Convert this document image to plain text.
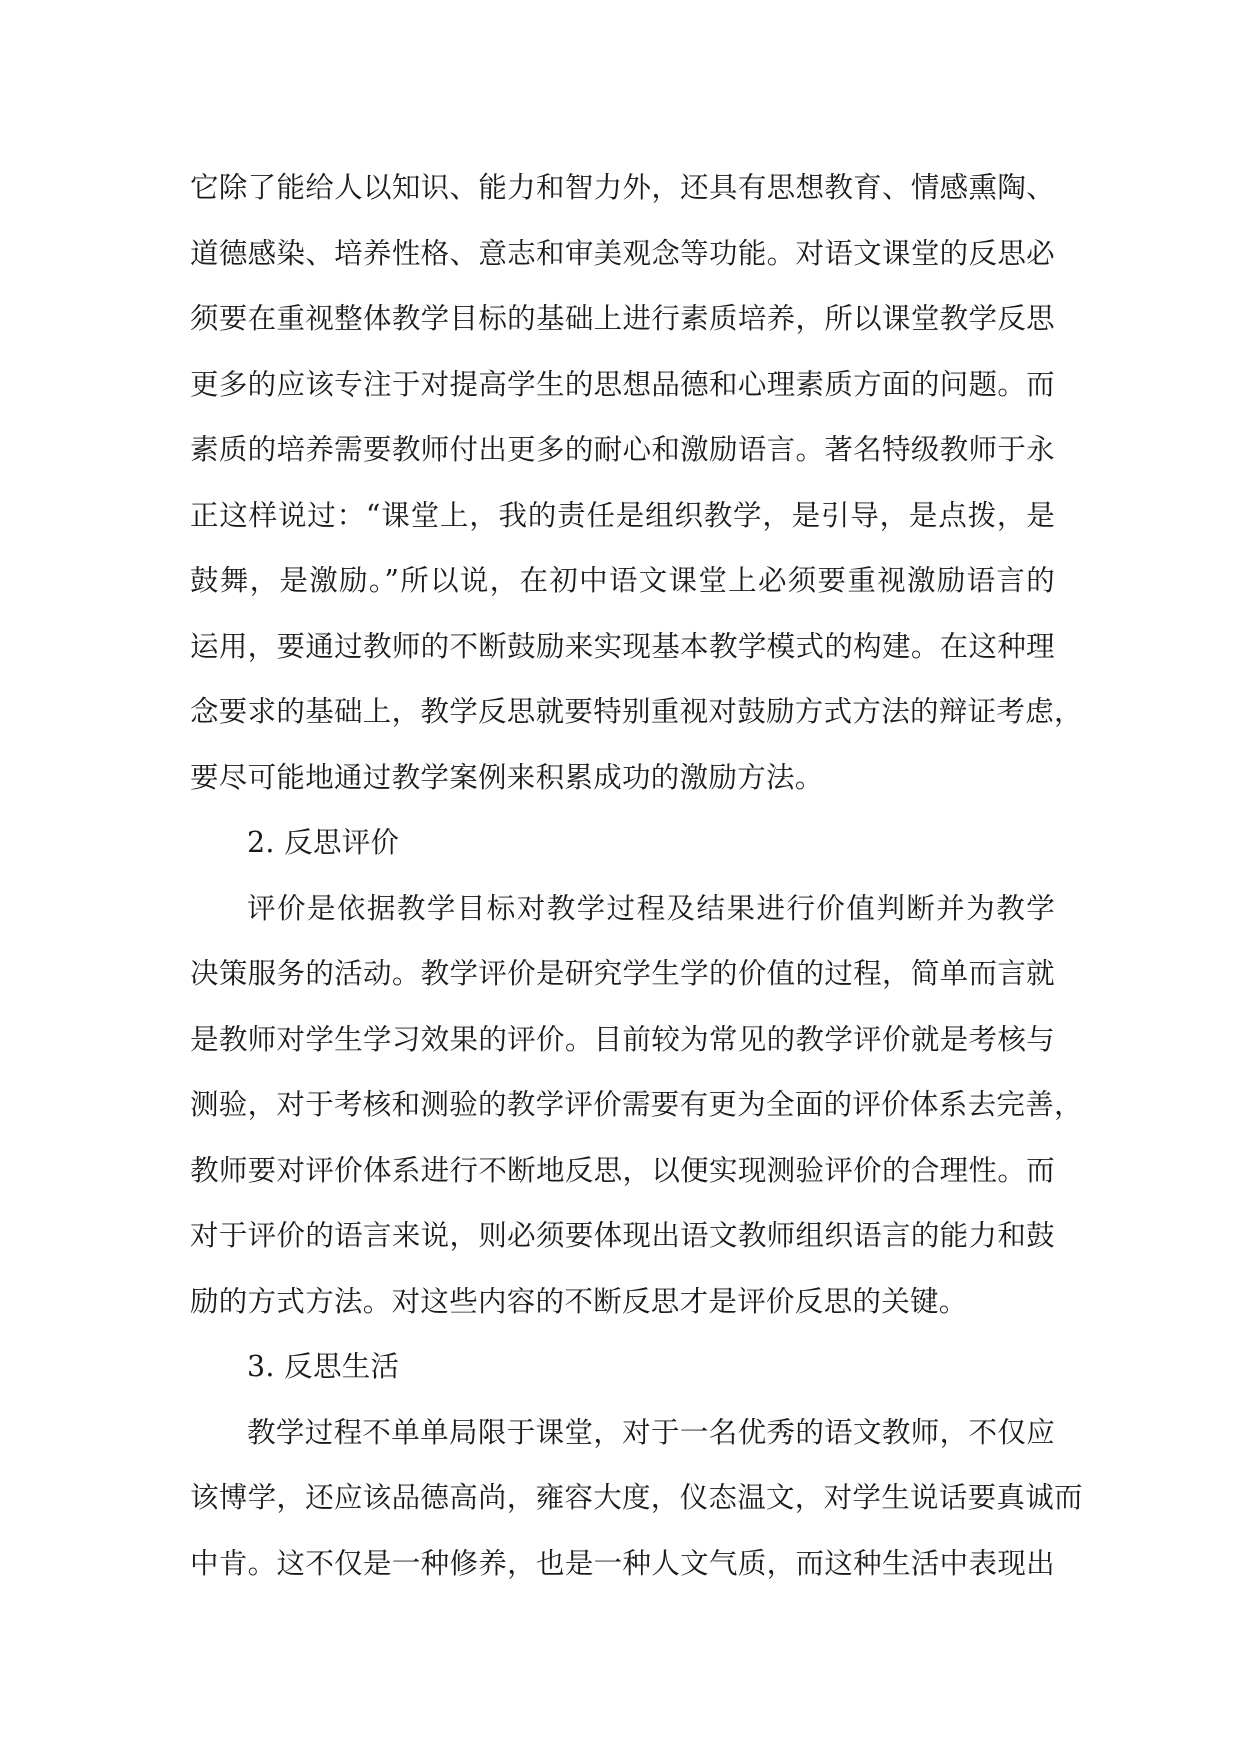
它除了能给人以知识、能力和智力外，还具有思想教育、情感熏陶、
道德感染、培养性格、意志和审美观念等功能。对语文课堂的反思必
须要在重视整体教学目标的基础上进行素质培养，所以课堂教学反思
更多的应该专注于对提高学生的思想品德和心理素质方面的问题。而
素质的培养需要教师付出更多的耐心和激励语言。著名特级教师于永
正这样说过：“课堂上，我的责任是组织教学，是引导，是点拨，是
鼓舞，是激励。”所以说，在初中语文课堂上必须要重视激励语言的
运用，要通过教师的不断鼓励来实现基本教学模式的构建。在这种理
念要求的基础上，教学反思就要特别重视对鼓励方式方法的辩证考虑，
要尽可能地通过教学案例来积累成功的激励方法。
2. 反思评价
评价是依据教学目标对教学过程及结果进行价值判断并为教学
决策服务的活动。教学评价是研究学生学的价值的过程，简单而言就
是教师对学生学习效果的评价。目前较为常见的教学评价就是考核与
测验，对于考核和测验的教学评价需要有更为全面的评价体系去完善，
教师要对评价体系进行不断地反思，以便实现测验评价的合理性。而
对于评价的语言来说，则必须要体现出语文教师组织语言的能力和鼓
励的方式方法。对这些内容的不断反思才是评价反思的关键。
3. 反思生活
教学过程不单单局限于课堂，对于一名优秀的语文教师，不仅应
该博学，还应该品德高尚，雍容大度，仪态温文，对学生说话要真诚而
中肯。这不仅是一种修养，也是一种人文气质，而这种生活中表现出
